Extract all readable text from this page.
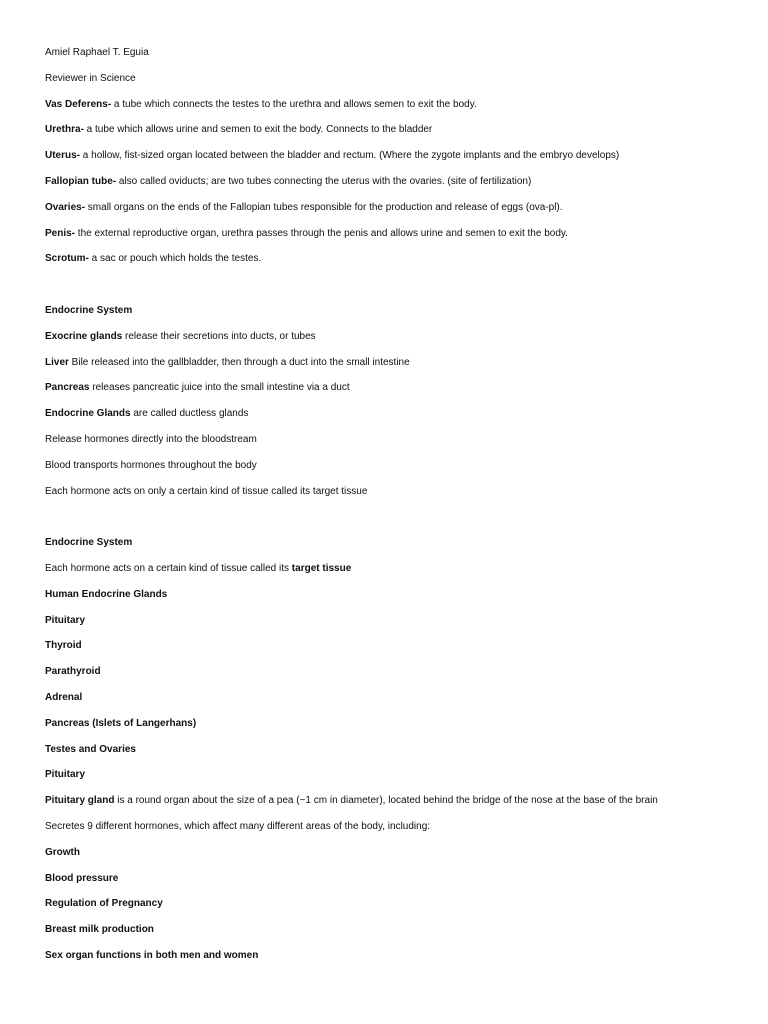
Amiel Raphael T. Eguia
Reviewer in Science
Vas Deferens- a tube which connects the testes to the urethra and allows semen to exit the body.
Urethra- a tube which allows urine and semen to exit the body. Connects to the bladder
Uterus- a hollow, fist-sized organ located between the bladder and rectum. (Where the zygote implants and the embryo develops)
Fallopian tube- also called oviducts; are two tubes connecting the uterus with the ovaries. (site of fertilization)
Ovaries- small organs on the ends of the Fallopian tubes responsible for the production and release of eggs (ova-pl).
Penis- the external reproductive organ, urethra passes through the penis and allows urine and semen to exit the body.
Scrotum- a sac or pouch which holds the testes.
Endocrine System
Exocrine glands release their secretions into ducts, or tubes
Liver Bile released into the gallbladder, then through a duct into the small intestine
Pancreas releases pancreatic juice into the small intestine via a duct
Endocrine Glands are called ductless glands
Release hormones directly into the bloodstream
Blood transports hormones throughout the body
Each hormone acts on only a certain kind of tissue called its target tissue
Endocrine System
Each hormone acts on a certain kind of tissue called its target tissue
Human Endocrine Glands
Pituitary
Thyroid
Parathyroid
Adrenal
Pancreas (Islets of Langerhans)
Testes and Ovaries
Pituitary
Pituitary gland is a round organ about the size of a pea (~1 cm in diameter), located behind the bridge of the nose at the base of the brain
Secretes 9 different hormones, which affect many different areas of the body, including:
Growth
Blood pressure
Regulation of Pregnancy
Breast milk production
Sex organ functions in both men and women
